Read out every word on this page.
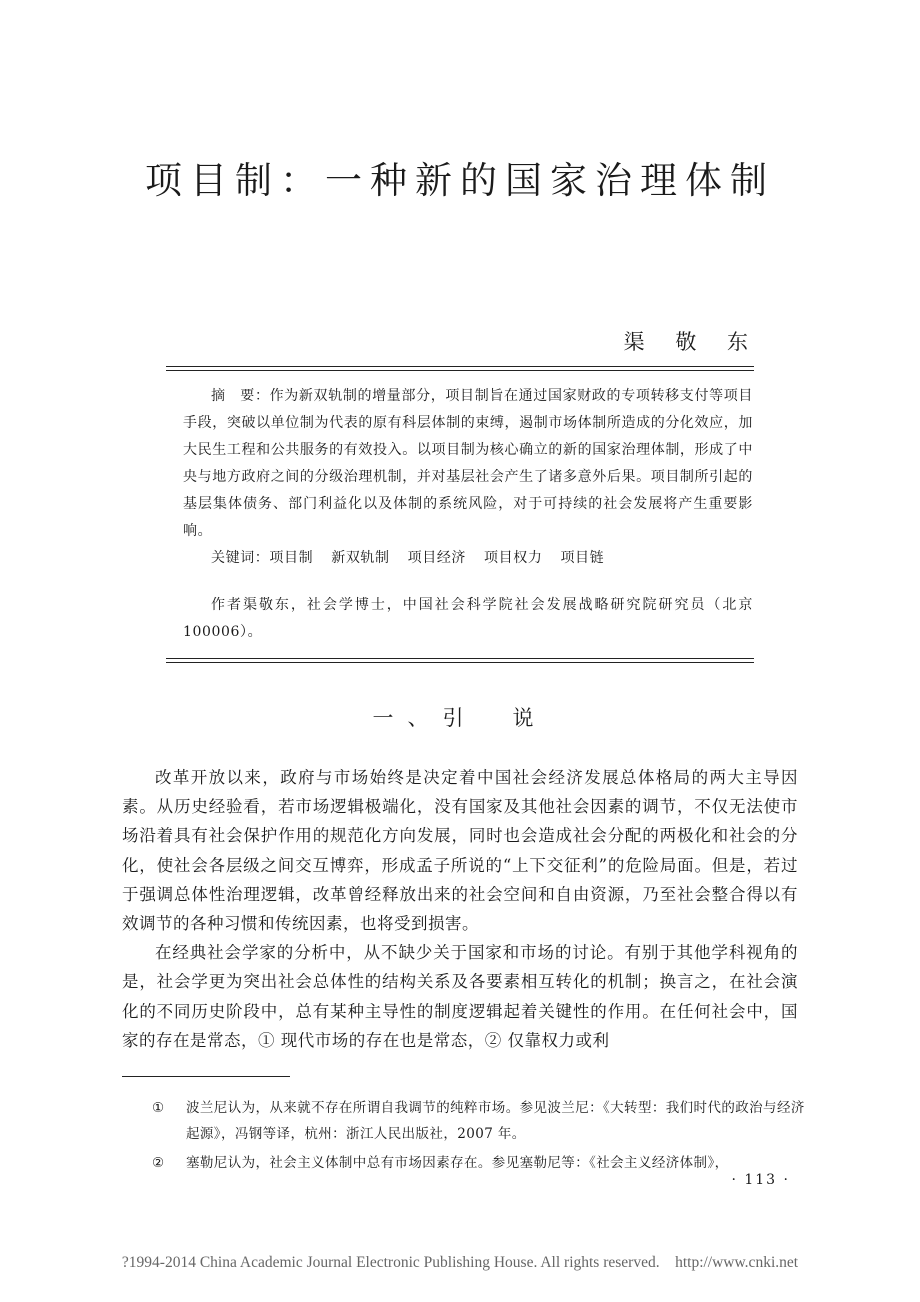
项目制：一种新的国家治理体制
渠 敬 东

摘　要：作为新双轨制的增量部分，项目制旨在通过国家财政的专项转移支付等项目手段，突破以单位制为代表的原有科层体制的束缚，遏制市场体制所造成的分化效应，加大民生工程和公共服务的有效投入。以项目制为核心确立的新的国家治理体制，形成了中央与地方政府之间的分级治理机制，并对基层社会产生了诸多意外后果。项目制所引起的基层集体债务、部门利益化以及体制的系统风险，对于可持续的社会发展将产生重要影响。

关键词：项目制 新双轨制 项目经济 项目权力 项目链

作者渠敬东，社会学博士，中国社会科学院社会发展战略研究院研究员（北京100006）。

一、引　说

改革开放以来，政府与市场始终是决定着中国社会经济发展总体格局的两大主导因素。从历史经验看，若市场逻辑极端化，没有国家及其他社会因素的调节，不仅无法使市场沿着具有社会保护作用的规范化方向发展，同时也会造成社会分配的两极化和社会的分化，使社会各层级之间交互博弈，形成孟子所说的“上下交征利”的危险局面。但是，若过于强调总体性治理逻辑，改革曾经释放出来的社会空间和自由资源，乃至社会整合得以有效调节的各种习惯和传统因素，也将受到损害。

在经典社会学家的分析中，从不缺少关于国家和市场的讨论。有别于其他学科视角的是，社会学更为突出社会总体性的结构关系及各要素相互转化的机制；换言之，在社会演化的不同历史阶段中，总有某种主导性的制度逻辑起着关键性的作用。在任何社会中，国家的存在是常态，① 现代市场的存在也是常态，② 仅靠权力或利

①	波兰尼认为，从来就不存在所谓自我调节的纯粹市场。参见波兰尼：《大转型：我们时代的政治与经济起源》，冯钢等译，杭州：浙江人民出版社，2007 年。
②	塞勒尼认为，社会主义体制中总有市场因素存在。参见塞勒尼等：《社会主义经济体制》，
· 113 ·
?1994-2014 China Academic Journal Electronic Publishing House. All rights reserved.    http://www.cnki.net
